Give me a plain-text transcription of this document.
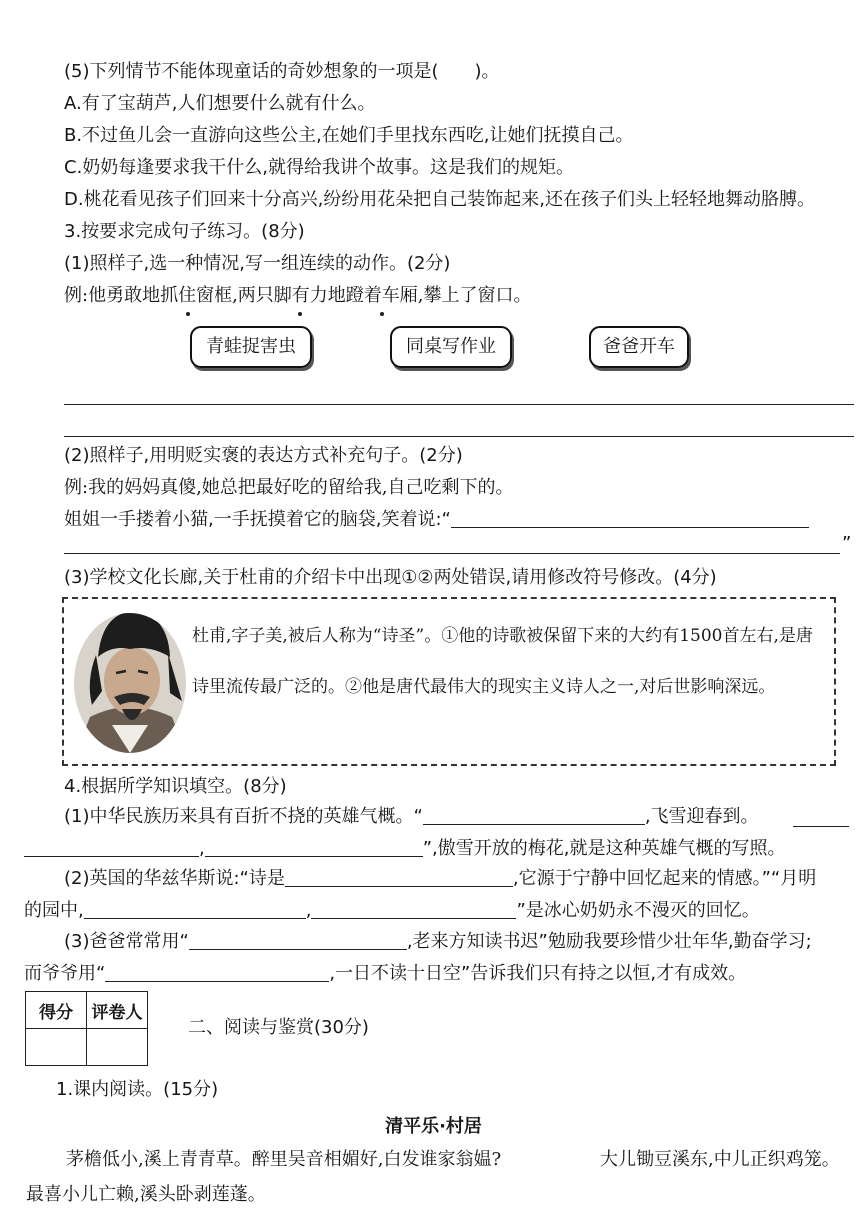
(5)下列情节不能体现童话的奇妙想象的一项是(　　)。
A.有了宝葫芦,人们想要什么就有什么。
B.不过鱼儿会一直游向这些公主,在她们手里找东西吃,让她们抚摸自己。
C.奶奶每逢要求我干什么,就得给我讲个故事。这是我们的规矩。
D.桃花看见孩子们回来十分高兴,纷纷用花朵把自己装饰起来,还在孩子们头上轻轻地舞动胳膊。
3.按要求完成句子练习。(8分)
(1)照样子,选一种情况,写一组连续的动作。(2分)
例:他勇敢地抓住窗框,两只脚有力地蹬着车厢,攀上了窗口。
青蛙捉害虫	同桌写作业	爸爸开车
(2)照样子,用明贬实褒的表达方式补充句子。(2分)
例:我的妈妈真傻,她总把最好吃的留给我,自己吃剩下的。
姐姐一手搂着小猫,一手抚摸着它的脑袋,笑着说:“
”
(3)学校文化长廊,关于杜甫的介绍卡中出现①②两处错误,请用修改符号修改。(4分)
杜甫,字子美,被后人称为“诗圣”。①他的诗歌被保留下来的大约有1500首左右,是唐诗里流传最广泛的。②他是唐代最伟大的现实主义诗人之一,对后世影响深远。
4.根据所学知识填空。(8分)
(1)中华民族历来具有百折不挠的英雄气概。“	,飞雪迎春到。
,	”,傲雪开放的梅花,就是这种英雄气概的写照。
(2)英国的华兹华斯说:“诗是	,它源于宁静中回忆起来的情感。”“月明
的园中,	,	”是冰心奶奶永不漫灭的回忆。
(3)爸爸常常用“	,老来方知读书迟”勉励我要珍惜少壮年华,勤奋学习;
而爷爷用“	,一日不读十日空”告诉我们只有持之以恒,才有成效。
得分	评卷人

二、阅读与鉴赏(30分)
1.课内阅读。(15分)
清平乐·村居
茅檐低小,溪上青青草。醉里吴音相媚好,白发谁家翁媪?	大儿锄豆溪东,中儿正织鸡笼。
最喜小儿亡赖,溪头卧剥莲蓬。
